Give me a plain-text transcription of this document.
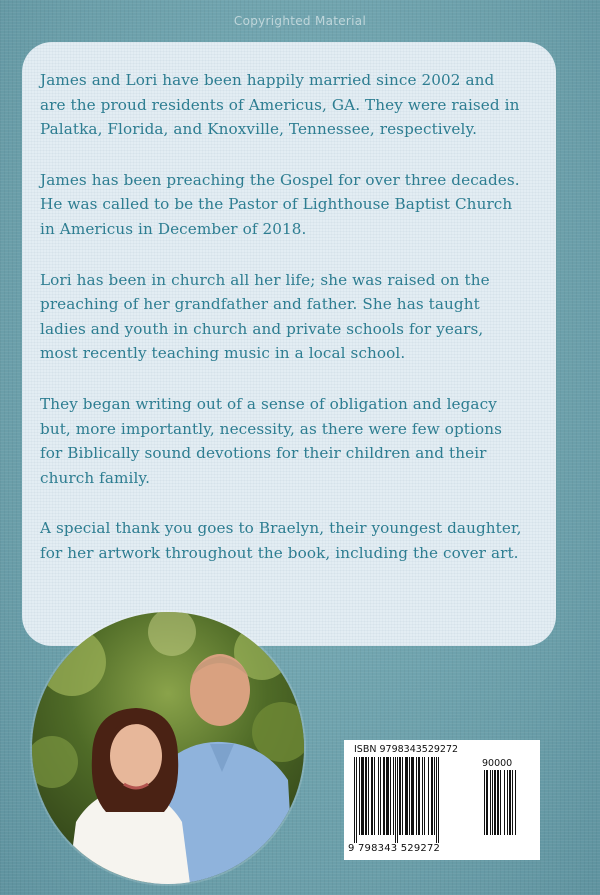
Copyrighted Material

James and Lori have been happily married since 2002 and
are the proud residents of Americus, GA. They were raised in
Palatka, Florida, and Knoxville, Tennessee, respectively.

James has been preaching the Gospel for over three decades.
He was called to be the Pastor of Lighthouse Baptist Church
in Americus in December of 2018.

Lori has been in church all her life; she was raised on the
preaching of her grandfather and father. She has taught
ladies and youth in church and private schools for years,
most recently teaching music in a local school.

They began writing out of a sense of obligation and legacy
but, more importantly, necessity, as there were few options
for Biblically sound devotions for their children and their
church family.

A special thank you goes to Braelyn, their youngest daughter,
for her artwork throughout the book, including the cover art.

ISBN 9798343529272
90000
9 798343 529272
